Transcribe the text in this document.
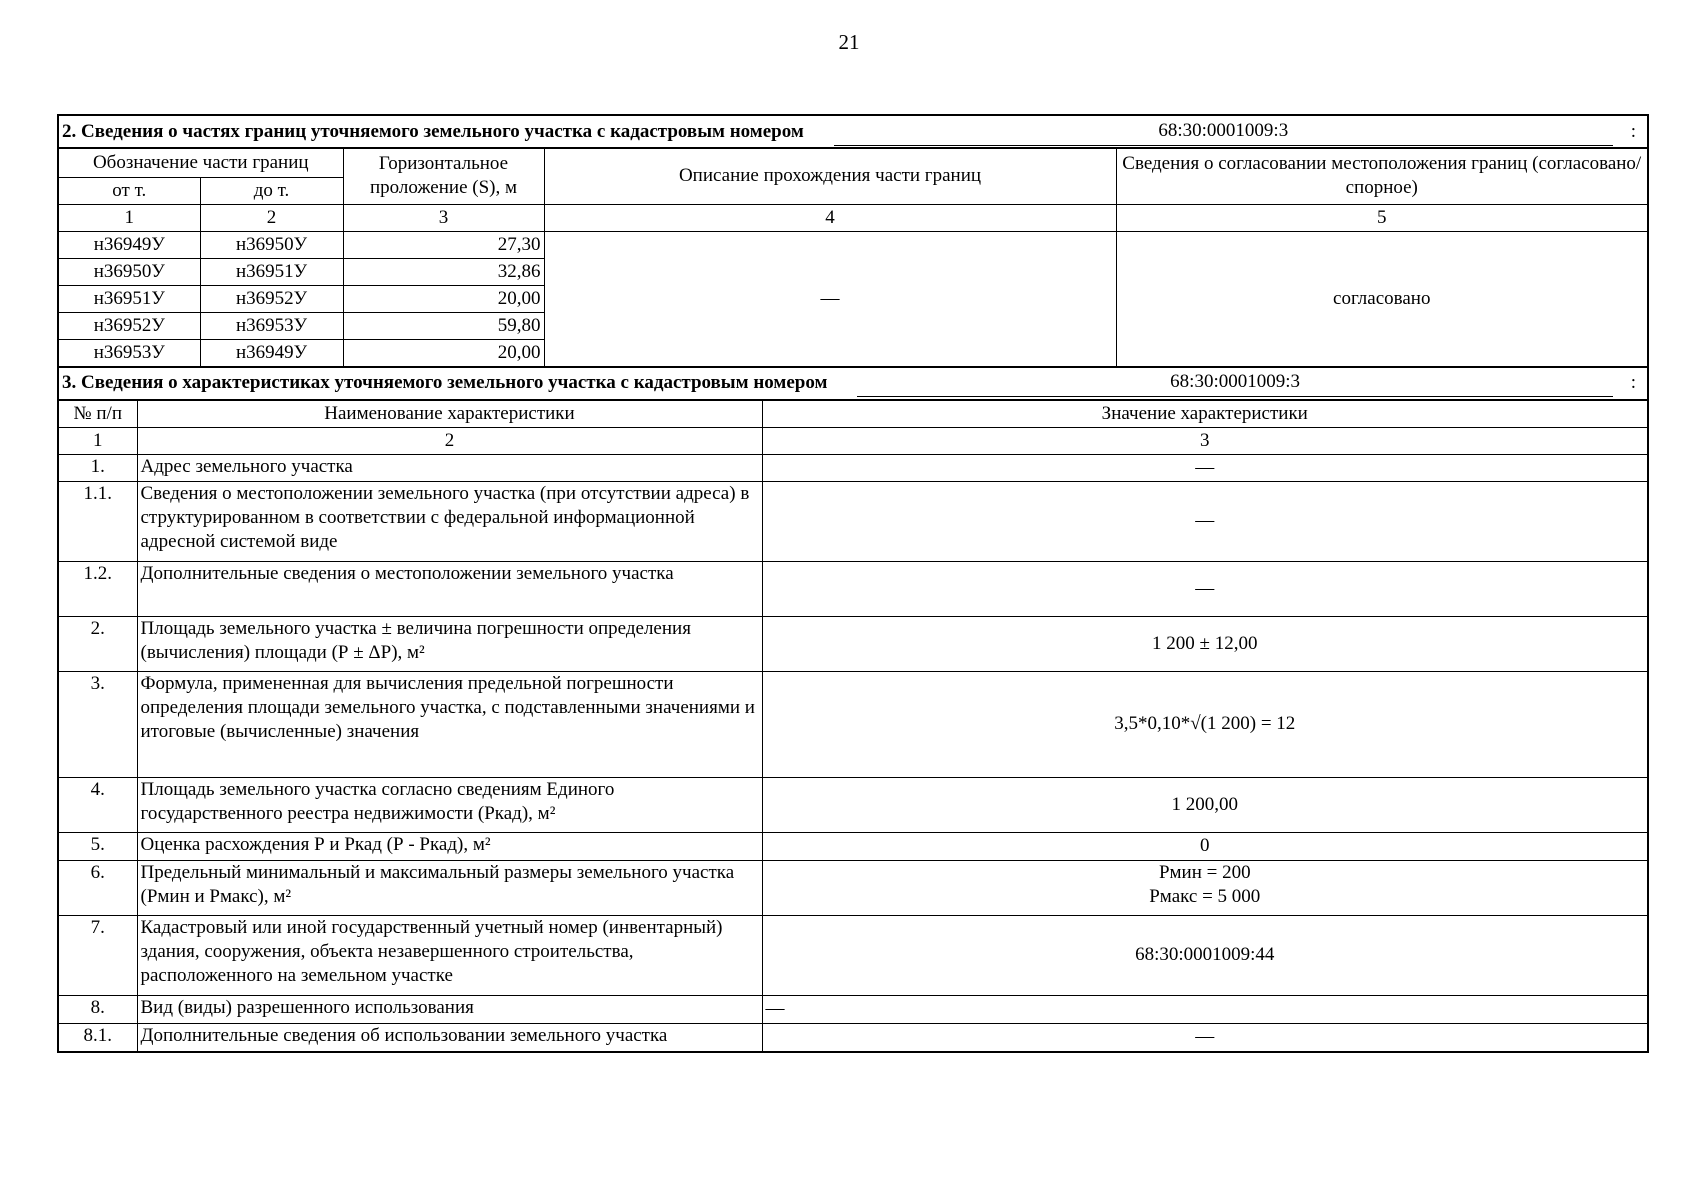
21
2. Сведения о частях границ уточняемого земельного участка с кадастровым номером 68:30:0001009:3 :				

Обозначение части границ		Горизонтальное проложение (S), м	Описание прохождения части границ	Сведения о согласовании местоположения границ (согласовано/спорное)
от т.	до т.			
1	2	3	4	5
н36949У	н36950У	27,30	—	согласовано
н36950У	н36951У	32,86		
н36951У	н36952У	20,00		
н36952У	н36953У	59,80		
н36953У	н36949У	20,00		
3. Сведения о характеристиках уточняемого земельного участка с кадастровым номером 68:30:0001009:3 :		

№ п/п	Наименование характеристики	Значение характеристики
1	2	3
1.	Адрес земельного участка	—
1.1.	Сведения о местоположении земельного участка (при отсутствии адреса) в структурированном в соответствии с федеральной информационной адресной системой виде	—
1.2.	Дополнительные сведения о местоположении земельного участка	—
2.	Площадь земельного участка ± величина погрешности определения (вычисления) площади (Р ± ΔР), м²	1 200 ± 12,00
3.	Формула, примененная для вычисления предельной погрешности определения площади земельного участка, с подставленными значениями и итоговые (вычисленные) значения	3,5*0,10*√(1 200) = 12
4.	Площадь земельного участка согласно сведениям Единого государственного реестра недвижимости (Ркад), м²	1 200,00
5.	Оценка расхождения Р и Ркад (Р - Ркад), м²	0
6.	Предельный минимальный и максимальный размеры земельного участка (Рмин и Рмакс), м²	Рмин = 200
Рмакс = 5 000

7.	Кадастровый или иной государственный учетный номер (инвентарный) здания, сооружения, объекта незавершенного строительства, расположенного на земельном участке	68:30:0001009:44
8.	Вид (виды) разрешенного использования	—
8.1.	Дополнительные сведения об использовании земельного участка	—
